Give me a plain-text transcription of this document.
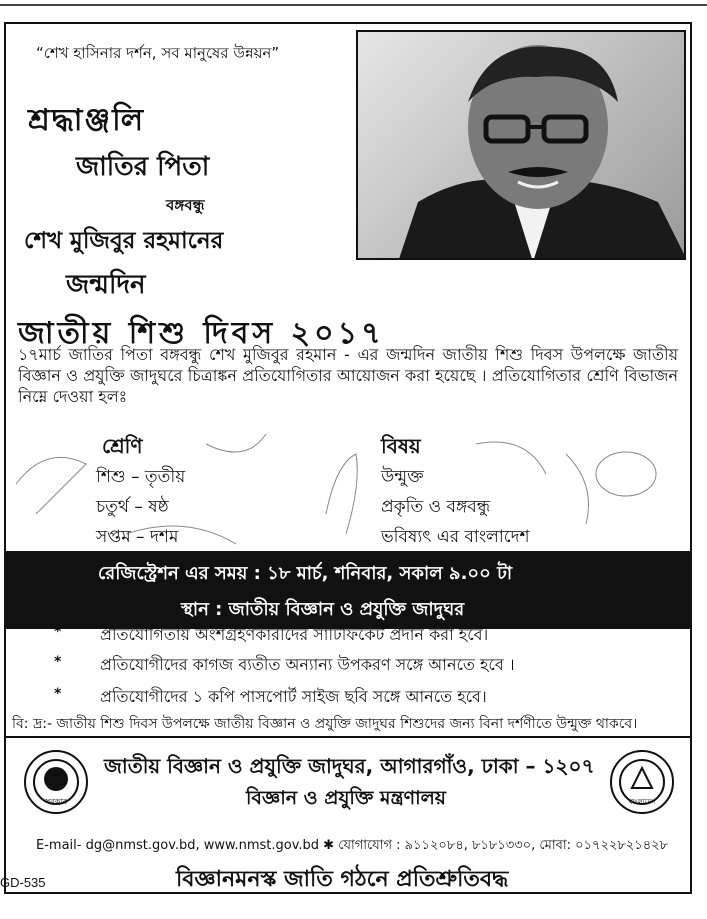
“শেখ হাসিনার দর্শন, সব মানুষের উন্নয়ন”
শ্রদ্ধাঞ্জলি
জাতির পিতা
বঙ্গবন্ধু
শেখ মুজিবুর রহমানের
জন্মদিন
জাতীয় শিশু দিবস ২০১৭
১৭মার্চ জাতির পিতা বঙ্গবন্ধু শেখ মুজিবুর রহমান - এর জন্মদিন জাতীয় শিশু দিবস উপলক্ষে জাতীয় বিজ্ঞান ও প্রযুক্তি জাদুঘরে চিত্রাঙ্কন প্রতিযোগিতার আয়োজন করা হয়েছে । প্রতিযোগিতার শ্রেণি বিভাজন নিম্নে দেওয়া হলঃ
শ্রেণি	বিষয়
শিশু – তৃতীয়	উন্মুক্ত
চতুর্থ – ষষ্ঠ	প্রকৃতি ও বঙ্গবন্ধু
সপ্তম – দশম	ভবিষ্যৎ এর বাংলাদেশ
রেজিস্ট্রেশন এর সময় : ১৮ মার্চ, শনিবার, সকাল ৯.০০ টা
স্থান : জাতীয় বিজ্ঞান ও প্রযুক্তি জাদুঘর
* প্রতিযোগিতায় অংশগ্রহণকারীদের সার্টিফিকেট প্রদান করা হবে।
* প্রতিযোগীদের কাগজ ব্যতীত অন্যান্য উপকরণ সঙ্গে আনতে হবে ।
* প্রতিযোগীদের ১ কপি পাসপোর্ট সাইজ ছবি সঙ্গে আনতে হবে।
বি: দ্র:- জাতীয় শিশু দিবস উপলক্ষে জাতীয় বিজ্ঞান ও প্রযুক্তি জাদুঘর শিশুদের জন্য বিনা দর্শণীতে উন্মুক্ত থাকবে।
সরকার
জাতীয় বিজ্ঞান ও প্রযুক্তি জাদুঘর, আগারগাঁও, ঢাকা – ১২০৭
বিজ্ঞান ও প্রযুক্তি মন্ত্রণালয়	বাংলাদেশ
E-mail- dg@nmst.gov.bd, www.nmst.gov.bd ✱ যোগাযোগ : ৯১১২০৮৪, ৮১৮১৩৩০, মোবা: ০১৭২২৮২১৪২৮
বিজ্ঞানমনস্ক জাতি গঠনে প্রতিশ্রুতিবদ্ধ
GD-535
